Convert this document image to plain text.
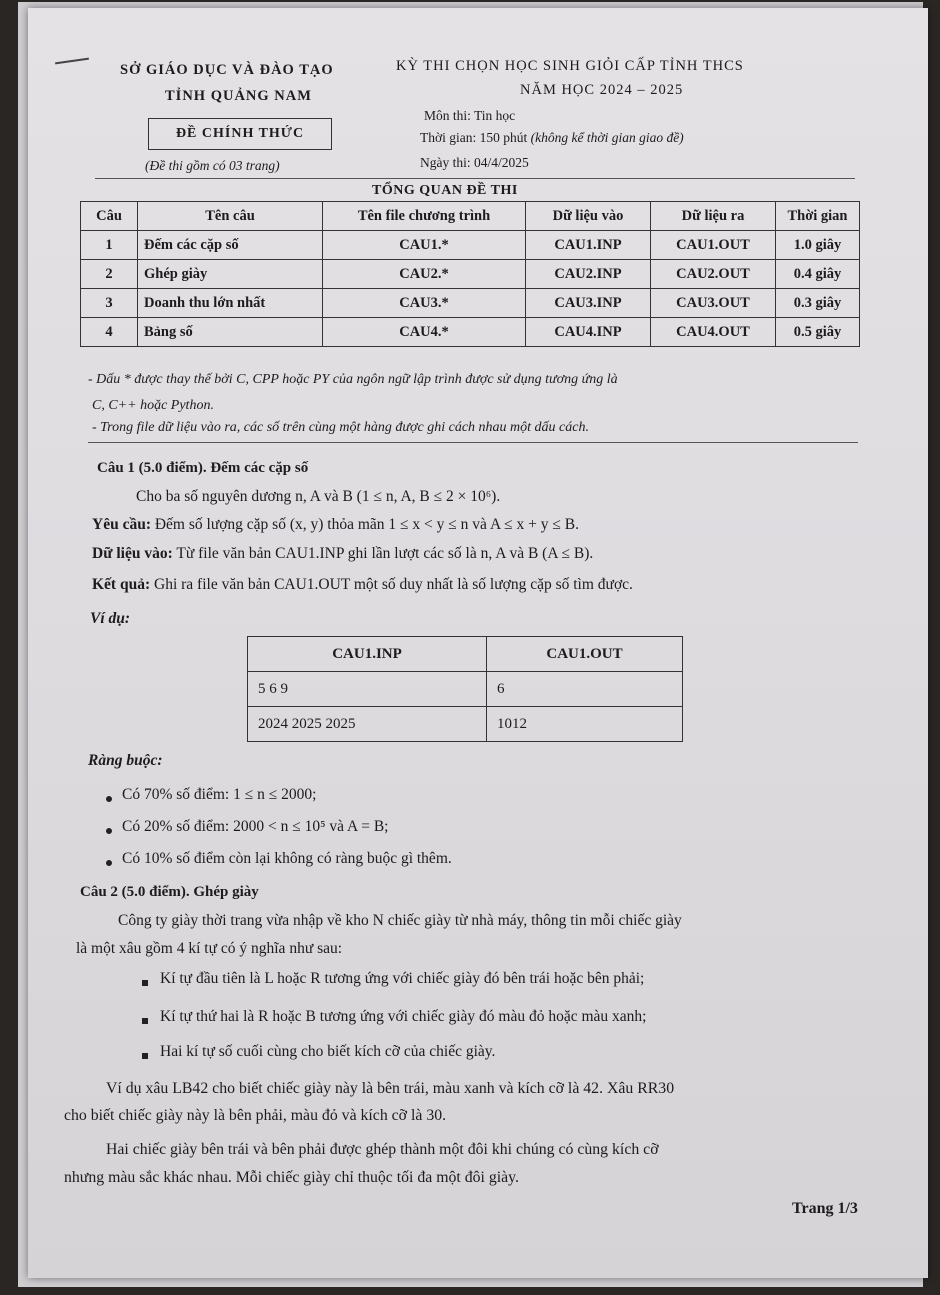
SỞ GIÁO DỤC VÀ ĐÀO TẠO
TỈNH QUẢNG NAM
ĐỀ CHÍNH THỨC
(Đề thi gồm có 03 trang)
KỲ THI CHỌN HỌC SINH GIỎI CẤP TỈNH THCS
NĂM HỌC 2024 – 2025
Môn thi: Tin học
Thời gian: 150 phút (không kể thời gian giao đề)
Ngày thi: 04/4/2025
TỔNG QUAN ĐỀ THI
Câu	Tên câu	Tên file chương trình	Dữ liệu vào	Dữ liệu ra	Thời gian
1	Đếm các cặp số	CAU1.*	CAU1.INP	CAU1.OUT	1.0 giây
2	Ghép giày	CAU2.*	CAU2.INP	CAU2.OUT	0.4 giây
3	Doanh thu lớn nhất	CAU3.*	CAU3.INP	CAU3.OUT	0.3 giây
4	Bảng số	CAU4.*	CAU4.INP	CAU4.OUT	0.5 giây
- Dấu * được thay thế bởi C, CPP hoặc PY của ngôn ngữ lập trình được sử dụng tương ứng là
C, C++ hoặc Python.
- Trong file dữ liệu vào ra, các số trên cùng một hàng được ghi cách nhau một dấu cách.
Câu 1 (5.0 điểm). Đếm các cặp số
Cho ba số nguyên dương n, A và B (1 ≤ n, A, B ≤ 2 × 10⁶).
Yêu cầu: Đếm số lượng cặp số (x, y) thỏa mãn 1 ≤ x < y ≤ n và A ≤ x + y ≤ B.
Dữ liệu vào: Từ file văn bản CAU1.INP ghi lần lượt các số là n, A và B (A ≤ B).
Kết quả: Ghi ra file văn bản CAU1.OUT một số duy nhất là số lượng cặp số tìm được.
Ví dụ:
CAU1.INP	CAU1.OUT
5 6 9	6
2024 2025 2025	1012
Ràng buộc:
Có 70% số điểm: 1 ≤ n ≤ 2000;
Có 20% số điểm: 2000 < n ≤ 10⁵ và A = B;
Có 10% số điểm còn lại không có ràng buộc gì thêm.
Câu 2 (5.0 điểm). Ghép giày
Công ty giày thời trang vừa nhập về kho N chiếc giày từ nhà máy, thông tin mỗi chiếc giày
là một xâu gồm 4 kí tự có ý nghĩa như sau:
Kí tự đầu tiên là L hoặc R tương ứng với chiếc giày đó bên trái hoặc bên phải;
Kí tự thứ hai là R hoặc B tương ứng với chiếc giày đó màu đỏ hoặc màu xanh;
Hai kí tự số cuối cùng cho biết kích cỡ của chiếc giày.
Ví dụ xâu LB42 cho biết chiếc giày này là bên trái, màu xanh và kích cỡ là 42. Xâu RR30
cho biết chiếc giày này là bên phải, màu đỏ và kích cỡ là 30.
Hai chiếc giày bên trái và bên phải được ghép thành một đôi khi chúng có cùng kích cỡ
nhưng màu sắc khác nhau. Mỗi chiếc giày chỉ thuộc tối đa một đôi giày.
Trang 1/3
